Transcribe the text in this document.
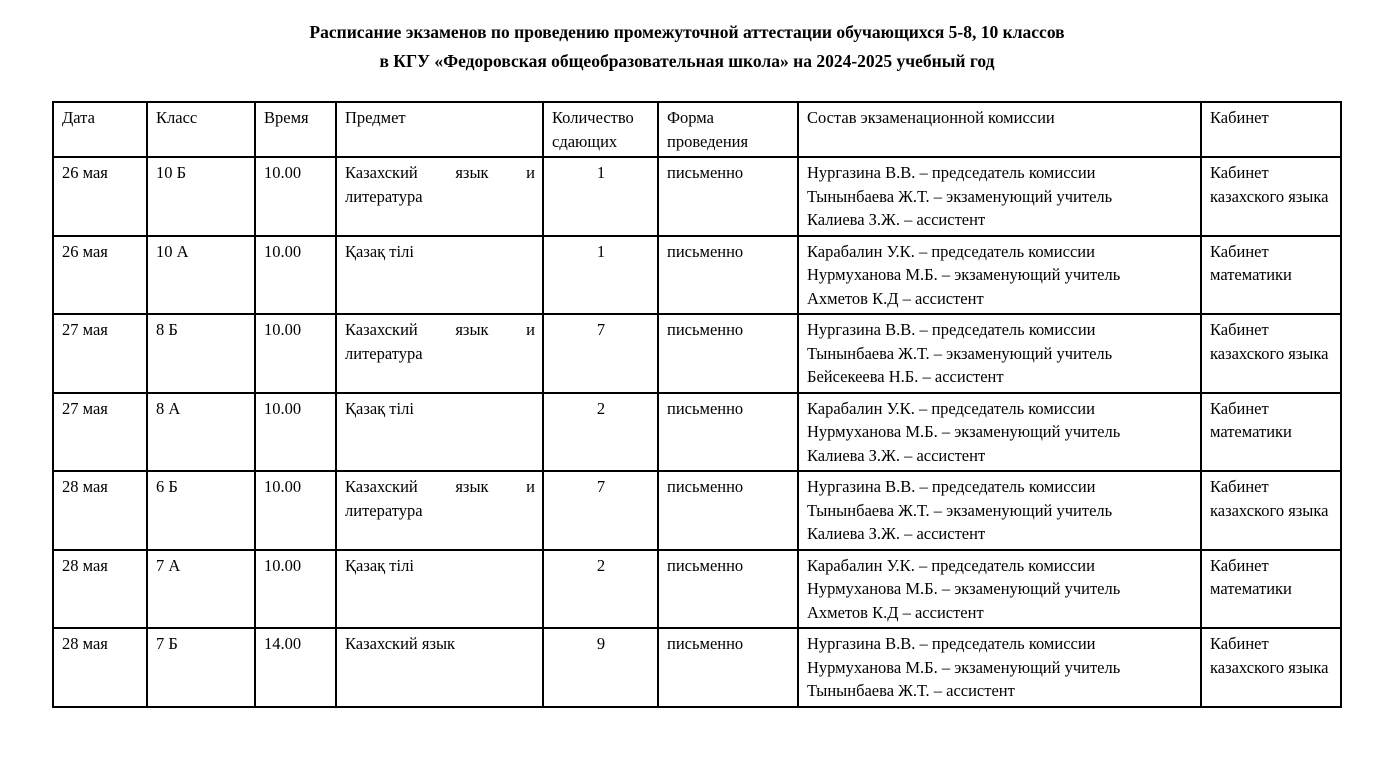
Расписание экзаменов по проведению промежуточной аттестации обучающихся 5-8, 10 классов
в КГУ «Федоровская общеобразовательная школа» на 2024-2025 учебный год
Дата	Класс	Время	Предмет	Количество сдающих	Форма проведения	Состав экзаменационной комиссии	Кабинет
26 мая	10 Б	10.00	Казахский язык и литература	1	письменно	Нургазина В.В. – председатель комиссии
Тынынбаева Ж.Т. – экзаменующий учитель
Калиева З.Ж. – ассистент	Кабинет казахского языка
26 мая	10 А	10.00	Қазақ тілі	1	письменно	Карабалин У.К. – председатель комиссии
Нурмуханова М.Б. – экзаменующий учитель
Ахметов К.Д – ассистент	Кабинет математики
27 мая	8 Б	10.00	Казахский язык и литература	7	письменно	Нургазина В.В. – председатель комиссии
Тынынбаева Ж.Т. – экзаменующий учитель
Бейсекеева Н.Б. – ассистент	Кабинет казахского языка
27 мая	8 А	10.00	Қазақ тілі	2	письменно	Карабалин У.К. – председатель комиссии
Нурмуханова М.Б. – экзаменующий учитель
Калиева З.Ж. – ассистент	Кабинет математики
28 мая	6 Б	10.00	Казахский язык и литература	7	письменно	Нургазина В.В. – председатель комиссии
Тынынбаева Ж.Т. – экзаменующий учитель
Калиева З.Ж. – ассистент	Кабинет казахского языка
28 мая	7 А	10.00	Қазақ тілі	2	письменно	Карабалин У.К. – председатель комиссии
Нурмуханова М.Б. – экзаменующий учитель
Ахметов К.Д – ассистент	Кабинет математики
28 мая	7 Б	14.00	Казахский язык	9	письменно	Нургазина В.В. – председатель комиссии
Нурмуханова М.Б. – экзаменующий учитель
Тынынбаева Ж.Т. – ассистент	Кабинет казахского языка
